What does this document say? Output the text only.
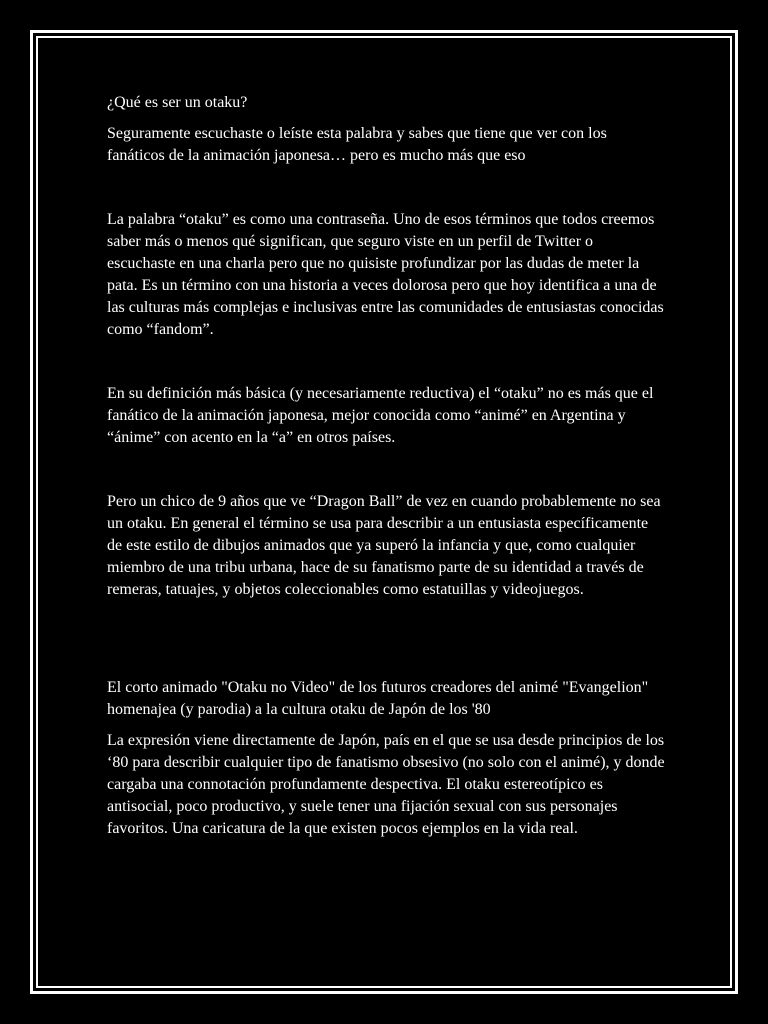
¿Qué es ser un otaku?

Seguramente escuchaste o leíste esta palabra y sabes que tiene que ver con los fanáticos de la animación japonesa… pero es mucho más que eso

La palabra “otaku” es como una contraseña. Uno de esos términos que todos creemos saber más o menos qué significan, que seguro viste en un perfil de Twitter o escuchaste en una charla pero que no quisiste profundizar por las dudas de meter la pata. Es un término con una historia a veces dolorosa pero que hoy identifica a una de las culturas más complejas e inclusivas entre las comunidades de entusiastas conocidas como “fandom”.

En su definición más básica (y necesariamente reductiva) el “otaku” no es más que el fanático de la animación japonesa, mejor conocida como “animé” en Argentina y “ánime” con acento en la “a” en otros países.

Pero un chico de 9 años que ve “Dragon Ball” de vez en cuando probablemente no sea un otaku. En general el término se usa para describir a un entusiasta específicamente de este estilo de dibujos animados que ya superó la infancia y que, como cualquier miembro de una tribu urbana, hace de su fanatismo parte de su identidad a través de remeras, tatuajes, y objetos coleccionables como estatuillas y videojuegos.

El corto animado "Otaku no Video" de los futuros creadores del animé "Evangelion" homenajea (y parodia) a la cultura otaku de Japón de los '80

La expresión viene directamente de Japón, país en el que se usa desde principios de los ‘80 para describir cualquier tipo de fanatismo obsesivo (no solo con el animé), y donde cargaba una connotación profundamente despectiva. El otaku estereotípico es antisocial, poco productivo, y suele tener una fijación sexual con sus personajes favoritos. Una caricatura de la que existen pocos ejemplos en la vida real.
